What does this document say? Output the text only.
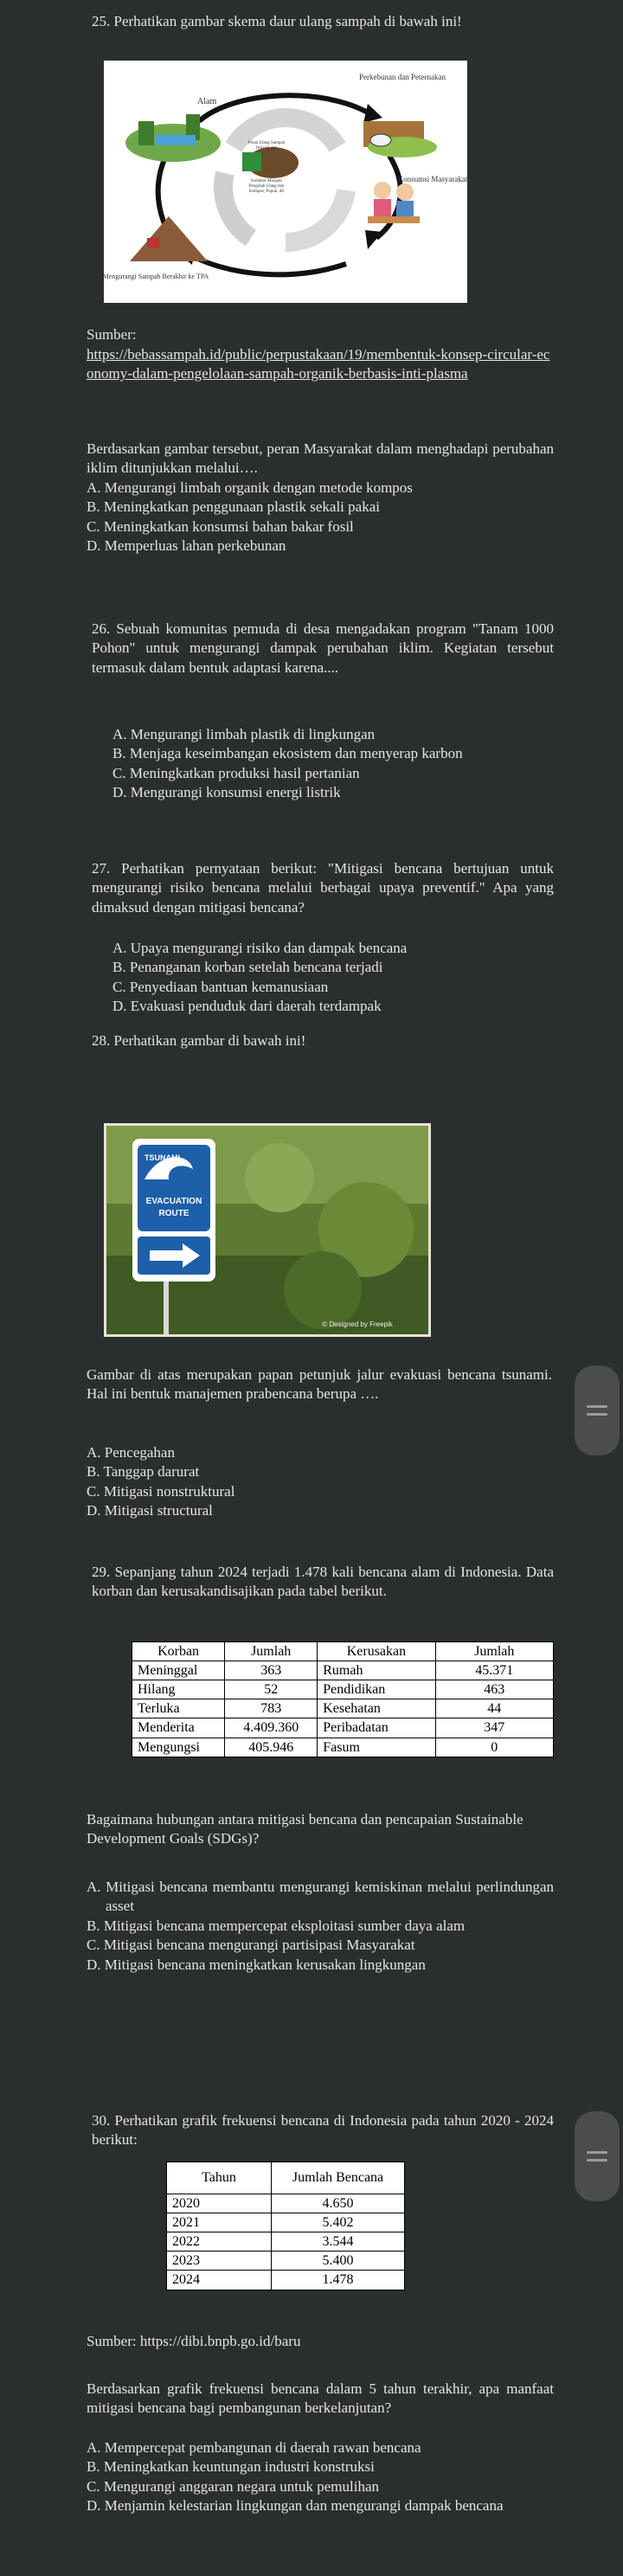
25. Perhatikan gambar skema daur ulang sampah di bawah ini!

Alam
Perkebunan dan Peternakan
Peran Ulang Sampah
Organik dan
Kolektor Menjadi
Pengolah Ulang dan
Kompos, Pupuk, dll
Konsumsi Masyarakat
Mengurangi Sampah Berakhir ke TPA

Sumber:

https://bebassampah.id/public/perpustakaan/19/membentuk-konsep-circular-economy-dalam-pengelolaan-sampah-organik-berbasis-inti-plasma

Berdasarkan gambar tersebut, peran Masyarakat dalam menghadapi perubahan iklim ditunjukkan melalui….

A. Mengurangi limbah organik dengan metode kompos

B. Meningkatkan penggunaan plastik sekali pakai

C. Meningkatkan konsumsi bahan bakar fosil

D. Memperluas lahan perkebunan

26. Sebuah komunitas pemuda di desa mengadakan program "Tanam 1000 Pohon" untuk mengurangi dampak perubahan iklim. Kegiatan tersebut termasuk dalam bentuk adaptasi karena....

A. Mengurangi limbah plastik di lingkungan

B. Menjaga keseimbangan ekosistem dan menyerap karbon

C. Meningkatkan produksi hasil pertanian

D. Mengurangi konsumsi energi listrik

27. Perhatikan pernyataan berikut: "Mitigasi bencana bertujuan untuk mengurangi risiko bencana melalui berbagai upaya preventif." Apa yang dimaksud dengan mitigasi bencana?

A. Upaya mengurangi risiko dan dampak bencana

B. Penanganan korban setelah bencana terjadi

C. Penyediaan bantuan kemanusiaan

D. Evakuasi penduduk dari daerah terdampak

28. Perhatikan gambar di bawah ini!

TSUNAMI
EVACUATION
ROUTE
© Designed by Freepik

Gambar di atas merupakan papan petunjuk jalur evakuasi bencana tsunami. Hal ini bentuk manajemen prabencana berupa ….

A. Pencegahan

B. Tanggap darurat

C. Mitigasi nonstruktural

D. Mitigasi structural

29. Sepanjang tahun 2024 terjadi 1.478 kali bencana alam di Indonesia. Data korban dan kerusakandisajikan pada tabel berikut.

Korban	Jumlah	Kerusakan	Jumlah
Meninggal	363	Rumah	45.371
Hilang	52	Pendidikan	463
Terluka	783	Kesehatan	44
Menderita	4.409.360	Peribadatan	347
Mengungsi	405.946	Fasum	0

Bagaimana hubungan antara mitigasi bencana dan pencapaian Sustainable Development Goals (SDGs)?

A. Mitigasi bencana membantu mengurangi kemiskinan melalui perlindungan asset

B. Mitigasi bencana mempercepat eksploitasi sumber daya alam

C. Mitigasi bencana mengurangi partisipasi Masyarakat

D. Mitigasi bencana meningkatkan kerusakan lingkungan

30. Perhatikan grafik frekuensi bencana di Indonesia pada tahun 2020 - 2024 berikut:

Tahun	Jumlah Bencana
2020	4.650
2021	5.402
2022	3.544
2023	5.400
2024	1.478

Sumber: https://dibi.bnpb.go.id/baru

Berdasarkan grafik frekuensi bencana dalam 5 tahun terakhir, apa manfaat mitigasi bencana bagi pembangunan berkelanjutan?

A. Mempercepat pembangunan di daerah rawan bencana

B. Meningkatkan keuntungan industri konstruksi

C. Mengurangi anggaran negara untuk pemulihan

D. Menjamin kelestarian lingkungan dan mengurangi dampak bencana
